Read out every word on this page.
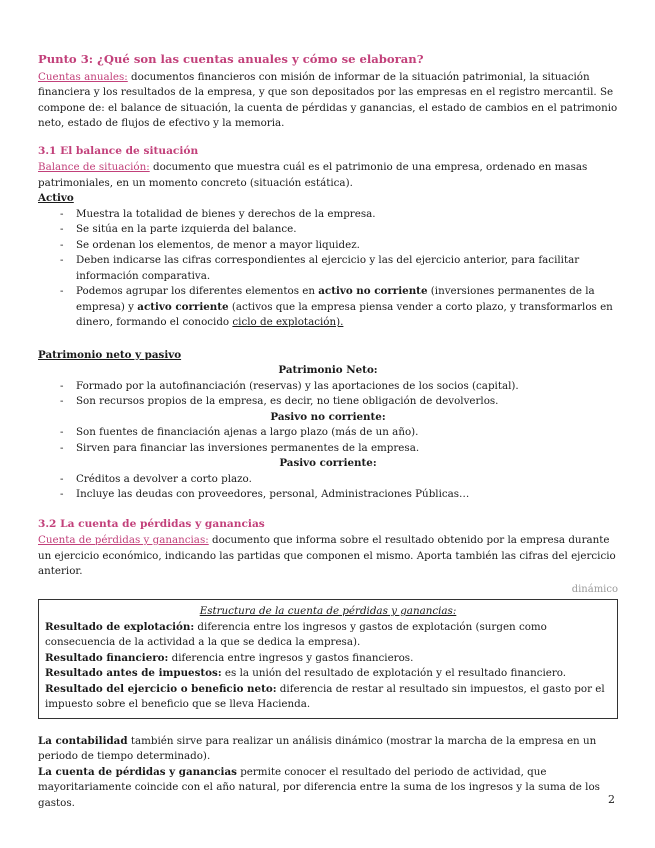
Punto 3: ¿Qué son las cuentas anuales y cómo se elaboran?

Cuentas anuales: documentos financieros con misión de informar de la situación patrimonial, la situación financiera y los resultados de la empresa, y que son depositados por las empresas en el registro mercantil. Se compone de: el balance de situación, la cuenta de pérdidas y ganancias, el estado de cambios en el patrimonio neto, estado de flujos de efectivo y la memoria.

3.1 El balance de situación

Balance de situación: documento que muestra cuál es el patrimonio de una empresa, ordenado en masas patrimoniales, en un momento concreto (situación estática).

Activo

- Muestra la totalidad de bienes y derechos de la empresa.
- Se sitúa en la parte izquierda del balance.
- Se ordenan los elementos, de menor a mayor liquidez.
- Deben indicarse las cifras correspondientes al ejercicio y las del ejercicio anterior, para facilitar información comparativa.
- Podemos agrupar los diferentes elementos en activo no corriente (inversiones permanentes de la empresa) y activo corriente (activos que la empresa piensa vender a corto plazo, y transformarlos en dinero, formando el conocido ciclo de explotación).

Patrimonio neto y pasivo

Patrimonio Neto:

- Formado por la autofinanciación (reservas) y las aportaciones de los socios (capital).
- Son recursos propios de la empresa, es decir, no tiene obligación de devolverlos.

Pasivo no corriente:

- Son fuentes de financiación ajenas a largo plazo (más de un año).
- Sirven para financiar las inversiones permanentes de la empresa.

Pasivo corriente:

- Créditos a devolver a corto plazo.
- Incluye las deudas con proveedores, personal, Administraciones Públicas…

3.2 La cuenta de pérdidas y ganancias

Cuenta de pérdidas y ganancias: documento que informa sobre el resultado obtenido por la empresa durante un ejercicio económico, indicando las partidas que componen el mismo. Aporta también las cifras del ejercicio anterior.

dinámico

Estructura de la cuenta de pérdidas y ganancias:

Resultado de explotación: diferencia entre los ingresos y gastos de explotación (surgen como consecuencia de la actividad a la que se dedica la empresa).

Resultado financiero: diferencia entre ingresos y gastos financieros.

Resultado antes de impuestos: es la unión del resultado de explotación y el resultado financiero.

Resultado del ejercicio o beneficio neto: diferencia de restar al resultado sin impuestos, el gasto por el impuesto sobre el beneficio que se lleva Hacienda.

La contabilidad también sirve para realizar un análisis dinámico (mostrar la marcha de la empresa en un periodo de tiempo determinado).

La cuenta de pérdidas y ganancias permite conocer el resultado del periodo de actividad, que mayoritariamente coincide con el año natural, por diferencia entre la suma de los ingresos y la suma de los gastos.	2
